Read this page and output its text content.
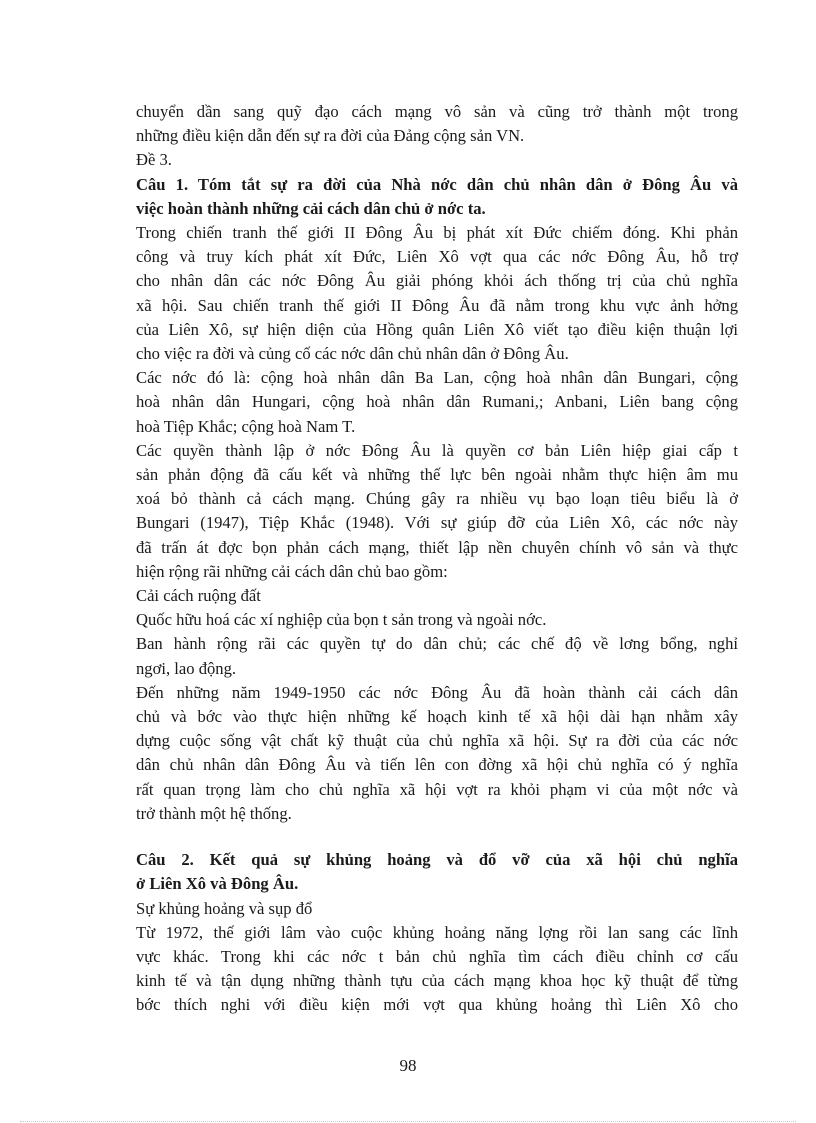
chuyển dần sang quỹ đạo cách mạng vô sản và cũng trở thành một trong

những điều kiện dẫn đến sự ra đời của Đảng cộng sản VN.

Đề 3.

Câu 1. Tóm tắt sự ra đời của Nhà nớc dân chủ nhân dân ở Đông Âu và
việc hoàn thành những cải cách dân chủ ở nớc ta.

Trong chiến tranh thế giới II Đông Âu bị phát xít Đức chiếm đóng. Khi phản

công và truy kích phát xít Đức, Liên Xô vợt qua các nớc Đông Âu, hỗ trợ

cho nhân dân các nớc Đông Âu giải phóng khỏi ách thống trị của chủ nghĩa

xã hội. Sau chiến tranh thế giới II Đông Âu đã nằm trong khu vực ảnh hởng

của Liên Xô, sự hiện diện của Hồng quân Liên Xô viết tạo điều kiện thuận lợi

cho việc ra đời và củng cố các nớc dân chủ nhân dân ở Đông Âu.

Các nớc đó là: cộng hoà nhân dân Ba Lan, cộng hoà nhân dân Bungari, cộng

hoà nhân dân Hungari, cộng hoà nhân dân Rumani,; Anbani, Liên bang cộng

hoà Tiệp Khắc; cộng hoà Nam T.

Các quyền thành lập ở nớc Đông Âu là quyền cơ bản Liên hiệp giai cấp t

sản phản động đã cấu kết và những thế lực bên ngoài nhằm thực hiện âm mu

xoá bỏ thành cả cách mạng. Chúng gây ra nhiều vụ bạo loạn tiêu biểu là ở

Bungari (1947), Tiệp Khắc (1948). Với sự giúp đỡ của Liên Xô, các nớc này

đã trấn át đợc bọn phản cách mạng, thiết lập nền chuyên chính vô sản và thực

hiện rộng rãi những cải cách dân chủ bao gồm:

Cải cách ruộng đất

Quốc hữu hoá các xí nghiệp của bọn t sản trong và ngoài nớc.

Ban hành rộng rãi các quyền tự do dân chủ; các chế độ về lơng bổng, nghỉ

ngơi, lao động.

Đến những năm 1949-1950 các nớc Đông Âu đã hoàn thành cải cách dân

chủ và bớc vào thực hiện những kế hoạch kinh tế xã hội dài hạn nhằm xây

dựng cuộc sống vật chất kỹ thuật của chủ nghĩa xã hội. Sự ra đời của các nớc

dân chủ nhân dân Đông Âu và tiến lên con đờng xã hội chủ nghĩa có ý nghĩa

rất quan trọng làm cho chủ nghĩa xã hội vợt ra khỏi phạm vi của một nớc và

trở thành một hệ thống.

Câu 2. Kết quả sự khủng hoảng và đổ vỡ của xã hội chủ nghĩa
ở Liên Xô và Đông Âu.

Sự khủng hoảng và sụp đổ

Từ 1972, thế giới lâm vào cuộc khủng hoảng năng lợng rồi lan sang các lĩnh

vực khác. Trong khi các nớc t bản chủ nghĩa tìm cách điều chỉnh cơ cấu

kinh tế và tận dụng những thành tựu của cách mạng khoa học kỹ thuật để từng

bớc thích nghi với điều kiện mới vợt qua khủng hoảng thì Liên Xô cho

98
